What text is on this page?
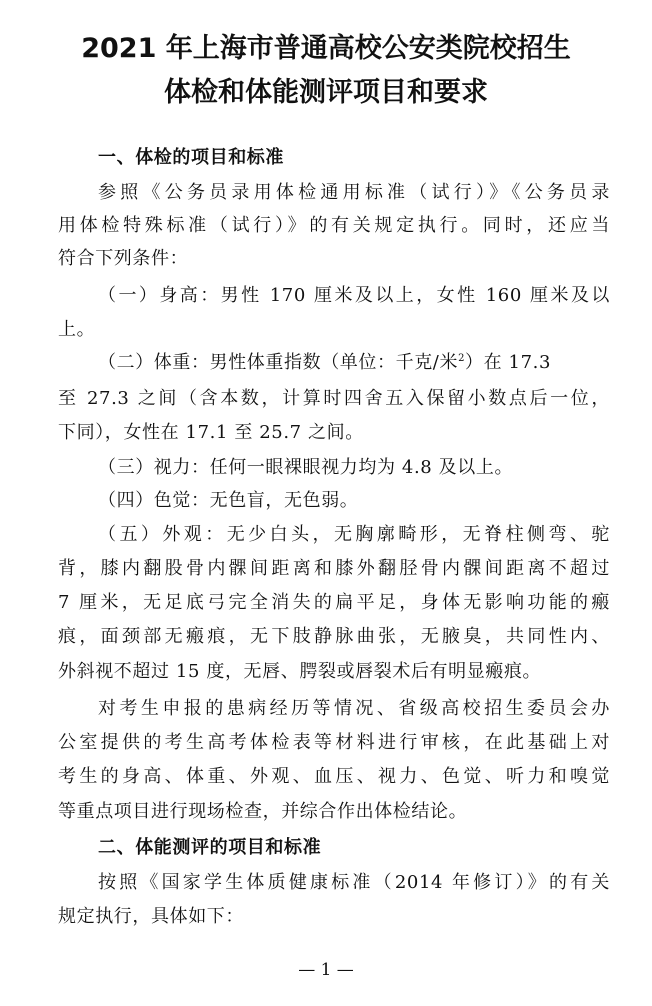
2021 年上海市普通高校公安类院校招生
体检和体能测评项目和要求
一、体检的项目和标准
参照《公务员录用体检通用标准（试行）》《公务员录
用体检特殊标准（试行）》的有关规定执行。同时，还应当
符合下列条件：
（一）身高：男性 170 厘米及以上，女性 160 厘米及以
上。
（二）体重：男性体重指数（单位：千克/米$^2$）在 17.3
至 27.3 之间（含本数，计算时四舍五入保留小数点后一位，
下同），女性在 17.1 至 25.7 之间。
（三）视力：任何一眼裸眼视力均为 4.8 及以上。
（四）色觉：无色盲，无色弱。
（五）外观：无少白头，无胸廓畸形，无脊柱侧弯、驼
背，膝内翻股骨内髁间距离和膝外翻胫骨内髁间距离不超过
7 厘米，无足底弓完全消失的扁平足，身体无影响功能的瘢
痕，面颈部无瘢痕，无下肢静脉曲张，无腋臭，共同性内、
外斜视不超过 15 度，无唇、腭裂或唇裂术后有明显瘢痕。
对考生申报的患病经历等情况、省级高校招生委员会办
公室提供的考生高考体检表等材料进行审核，在此基础上对
考生的身高、体重、外观、血压、视力、色觉、听力和嗅觉
等重点项目进行现场检查，并综合作出体检结论。
二、体能测评的项目和标准
按照《国家学生体质健康标准（2014 年修订）》的有关
规定执行，具体如下：
— 1 —
